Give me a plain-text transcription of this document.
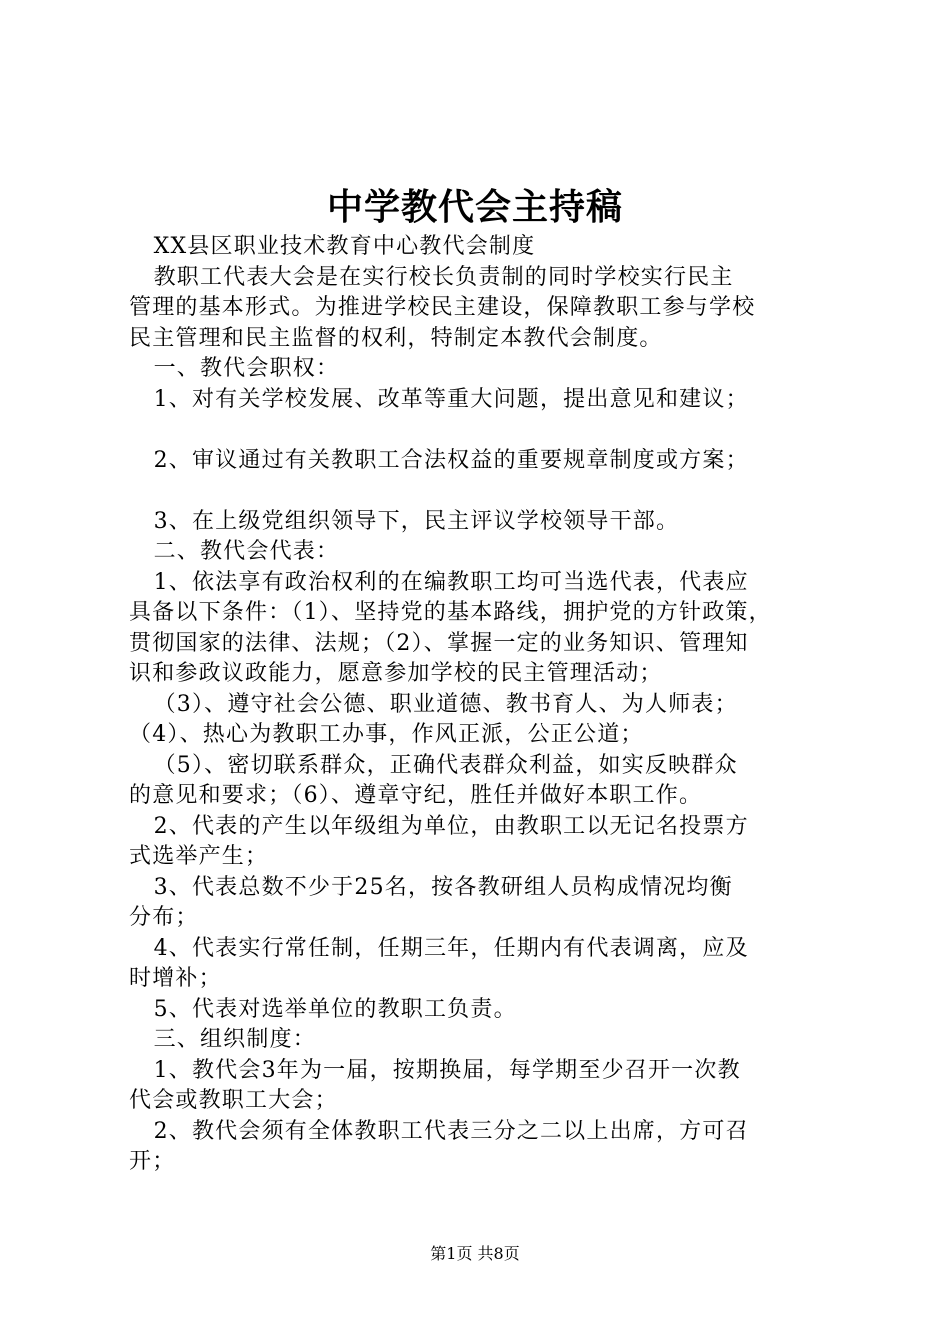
中学教代会主持稿
XX县区职业技术教育中心教代会制度
教职工代表大会是在实行校长负责制的同时学校实行民主
管理的基本形式。为推进学校民主建设，保障教职工参与学校
民主管理和民主监督的权利，特制定本教代会制度。
一、教代会职权：
1、对有关学校发展、改革等重大问题，提出意见和建议；
2、审议通过有关教职工合法权益的重要规章制度或方案；
3、在上级党组织领导下，民主评议学校领导干部。
二、教代会代表：
1、依法享有政治权利的在编教职工均可当选代表，代表应
具备以下条件：（1）、坚持党的基本路线，拥护党的方针政策，
贯彻国家的法律、法规；（2）、掌握一定的业务知识、管理知
识和参政议政能力，愿意参加学校的民主管理活动；
（3）、遵守社会公德、职业道德、教书育人、为人师表；
（4）、热心为教职工办事，作风正派，公正公道；
（5）、密切联系群众，正确代表群众利益，如实反映群众
的意见和要求；（6）、遵章守纪，胜任并做好本职工作。
2、代表的产生以年级组为单位，由教职工以无记名投票方
式选举产生；
3、代表总数不少于25名，按各教研组人员构成情况均衡
分布；
4、代表实行常任制，任期三年，任期内有代表调离，应及
时增补；
5、代表对选举单位的教职工负责。
三、组织制度：
1、教代会3年为一届，按期换届，每学期至少召开一次教
代会或教职工大会；
2、教代会须有全体教职工代表三分之二以上出席，方可召
开；
第1页 共8页
